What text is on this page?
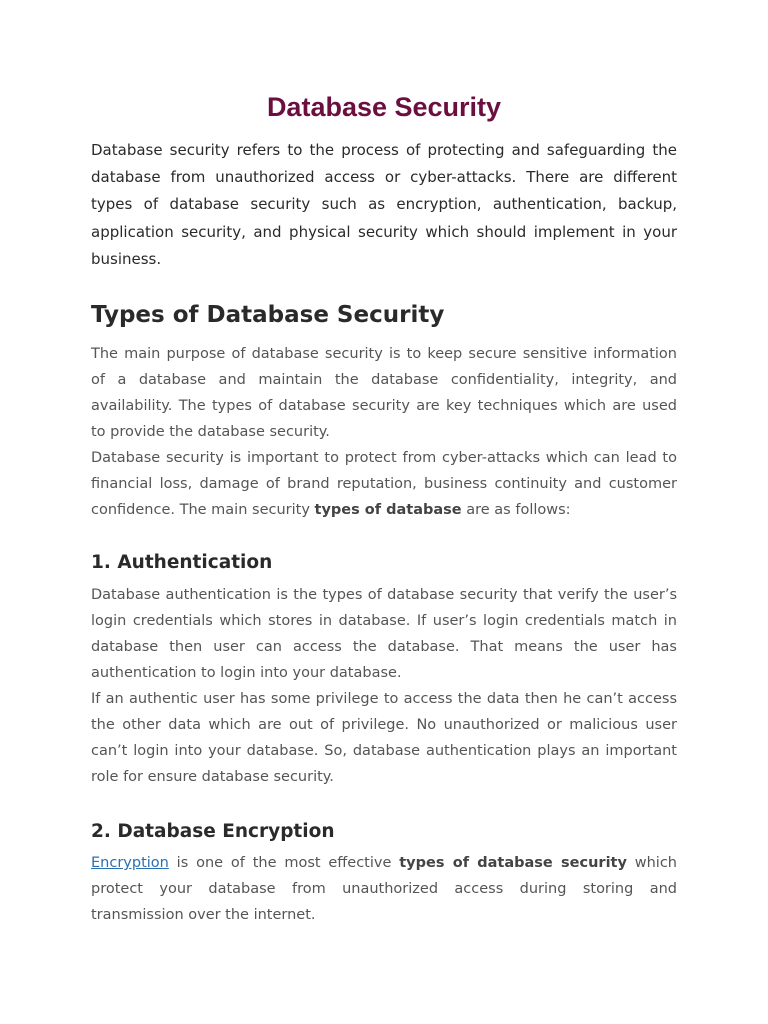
Database Security

Database security refers to the process of protecting and safeguarding the database from unauthorized access or cyber-attacks. There are different types of database security such as encryption, authentication, backup, application security, and physical security which should implement in your business.

Types of Database Security

The main purpose of database security is to keep secure sensitive information of a database and maintain the database confidentiality, integrity, and availability. The types of database security are key techniques which are used to provide the database security.

Database security is important to protect from cyber-attacks which can lead to financial loss, damage of brand reputation, business continuity and customer confidence. The main security types of database are as follows:

1. Authentication

Database authentication is the types of database security that verify the user’s login credentials which stores in database. If user’s login credentials match in database then user can access the database. That means the user has authentication to login into your database.

If an authentic user has some privilege to access the data then he can’t access the other data which are out of privilege. No unauthorized or malicious user can’t login into your database. So, database authentication plays an important role for ensure database security.

2. Database Encryption

Encryption is one of the most effective types of database security which protect your database from unauthorized access during storing and transmission over the internet.
